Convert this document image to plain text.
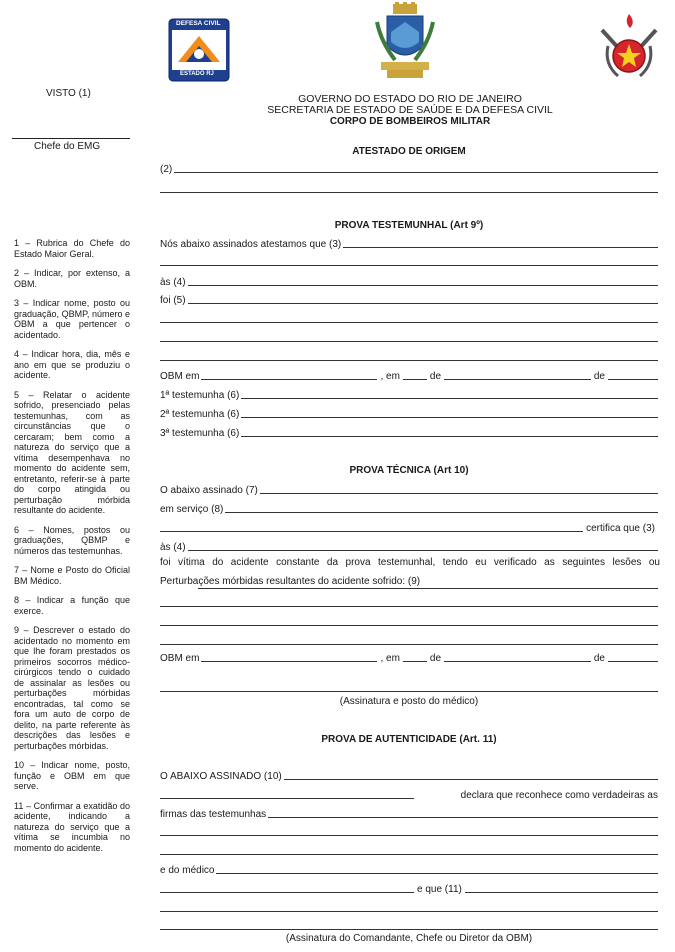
DEFESA CIVIL
ESTADO RJ
VISTO (1)
Chefe do EMG
GOVERNO DO ESTADO DO RIO DE JANEIRO
SECRETARIA DE ESTADO DE SAÚDE E DA DEFESA CIVIL
CORPO DE BOMBEIROS MILITAR
ATESTADO DE ORIGEM
(2)
PROVA TESTEMUNHAL (Art 9º)
Nós abaixo assinados atestamos que (3)
às (4)
foi (5)
OBM em	, em	de	de
1ª testemunha (6)
2ª testemunha (6)
3ª testemunha (6)
PROVA TÉCNICA (Art 10)
O abaixo assinado (7)
em serviço (8)
certifica que (3)
às (4)
foi vítima do acidente constante da prova testemunhal, tendo eu verificado as seguintes lesões ou
Perturbações mórbidas resultantes do acidente sofrido: (9)
OBM em	, em	de	de
(Assinatura e posto do médico)
PROVA DE AUTENTICIDADE (Art. 11)
O ABAIXO ASSINADO (10)
declara que reconhece como verdadeiras as
firmas das testemunhas
e do médico
e que (11)
(Assinatura do Comandante, Chefe ou Diretor da OBM)
1 – Rubrica do Chefe do Estado Maior Geral.
2 – Indicar, por extenso, a OBM.
3 – Indicar nome, posto ou graduação, QBMP, número e OBM a que pertencer o acidentado.
4 – Indicar hora, dia, mês e ano em que se produziu o acidente.
5 – Relatar o acidente sofrido, presenciado pelas testemunhas, com as circunstâncias que o cercaram; bem como a natureza do serviço que a vítima desempenhava no momento do acidente sem, entretanto, referir-se à parte do corpo atingida ou perturbação mórbida resultante do acidente.
6 – Nomes, postos ou graduações, QBMP e números das testemunhas.
7 – Nome e Posto do Oficial BM Médico.
8 – Indicar a função que exerce.
9 – Descrever o estado do acidentado no momento em que lhe foram prestados os primeiros socorros médico-cirúrgicos tendo o cuidado de assinalar as lesões ou perturbações mórbidas encontradas, tal como se fora um auto de corpo de delito, na parte referente às descrições das lesões e perturbações mórbidas.
10 – Indicar nome, posto, função e OBM em que serve.
11 – Confirmar a exatidão do acidente, indicando a natureza do serviço que a vítima se incumbia no momento do acidente.
